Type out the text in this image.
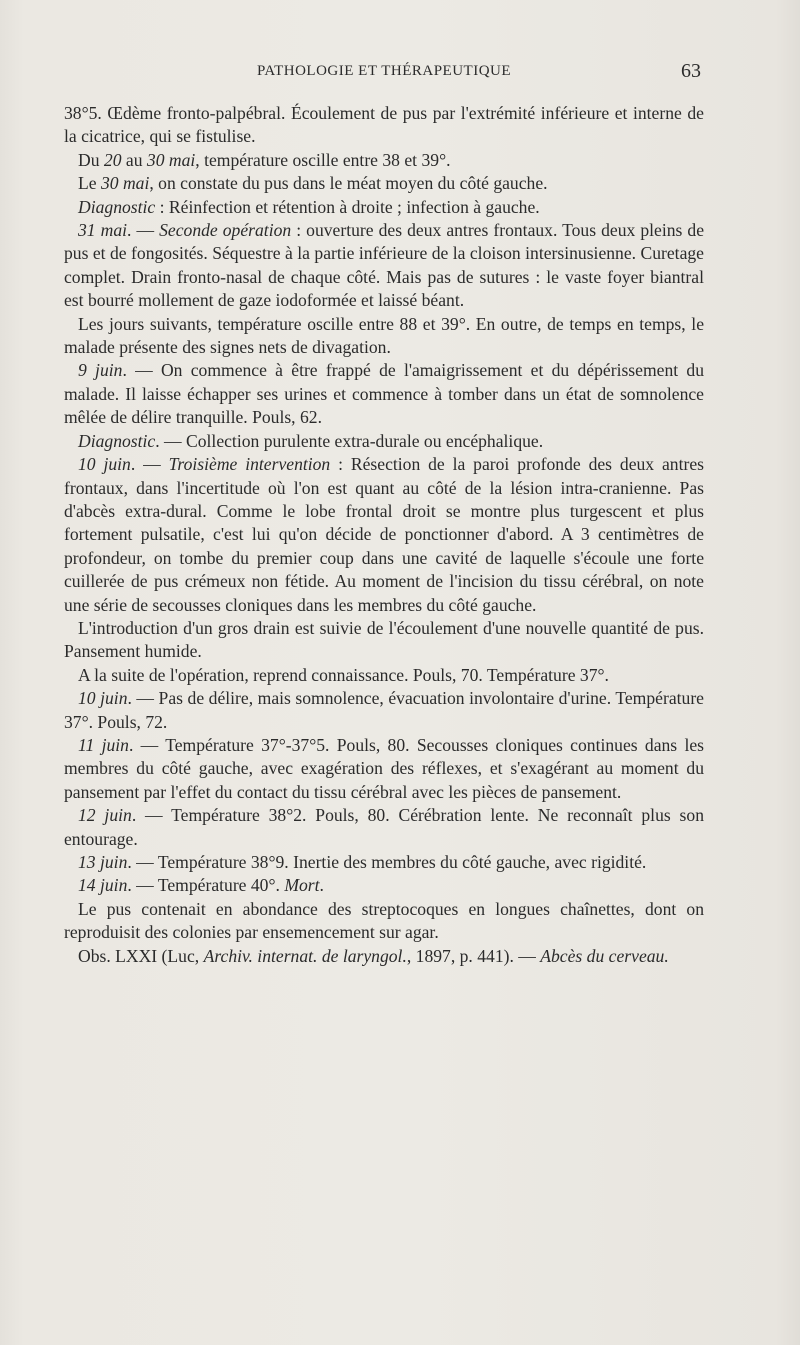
PATHOLOGIE ET THÉRAPEUTIQUE	63

38°5. Œdème fronto-palpébral. Écoulement de pus par l'extrémité inférieure et interne de la cicatrice, qui se fistulise.

Du 20 au 30 mai, température oscille entre 38 et 39°.

Le 30 mai, on constate du pus dans le méat moyen du côté gauche.

Diagnostic : Réinfection et rétention à droite ; infection à gauche.

31 mai. — Seconde opération : ouverture des deux antres frontaux. Tous deux pleins de pus et de fongosités. Séquestre à la partie inférieure de la cloison intersinusienne. Curetage complet. Drain fronto-nasal de chaque côté. Mais pas de sutures : le vaste foyer biantral est bourré mollement de gaze iodoformée et laissé béant.

Les jours suivants, température oscille entre 88 et 39°. En outre, de temps en temps, le malade présente des signes nets de divagation.

9 juin. — On commence à être frappé de l'amaigrissement et du dépérissement du malade. Il laisse échapper ses urines et commence à tomber dans un état de somnolence mêlée de délire tranquille. Pouls, 62.

Diagnostic. — Collection purulente extra-durale ou encéphalique.

10 juin. — Troisième intervention : Résection de la paroi profonde des deux antres frontaux, dans l'incertitude où l'on est quant au côté de la lésion intra-cranienne. Pas d'abcès extra-dural. Comme le lobe frontal droit se montre plus turgescent et plus fortement pulsatile, c'est lui qu'on décide de ponctionner d'abord. A 3 centimètres de profondeur, on tombe du premier coup dans une cavité de laquelle s'écoule une forte cuillerée de pus crémeux non fétide. Au moment de l'incision du tissu cérébral, on note une série de secousses cloniques dans les membres du côté gauche.

L'introduction d'un gros drain est suivie de l'écoulement d'une nouvelle quantité de pus. Pansement humide.

A la suite de l'opération, reprend connaissance. Pouls, 70. Température 37°.

10 juin. — Pas de délire, mais somnolence, évacuation involontaire d'urine. Température 37°. Pouls, 72.

11 juin. — Température 37°-37°5. Pouls, 80. Secousses cloniques continues dans les membres du côté gauche, avec exagération des réflexes, et s'exagérant au moment du pansement par l'effet du contact du tissu cérébral avec les pièces de pansement.

12 juin. — Température 38°2. Pouls, 80. Cérébration lente. Ne reconnaît plus son entourage.

13 juin. — Température 38°9. Inertie des membres du côté gauche, avec rigidité.

14 juin. — Température 40°. Mort.

Le pus contenait en abondance des streptocoques en longues chaînettes, dont on reproduisit des colonies par ensemencement sur agar.

Obs. LXXI (Luc, Archiv. internat. de laryngol., 1897, p. 441). — Abcès du cerveau.
